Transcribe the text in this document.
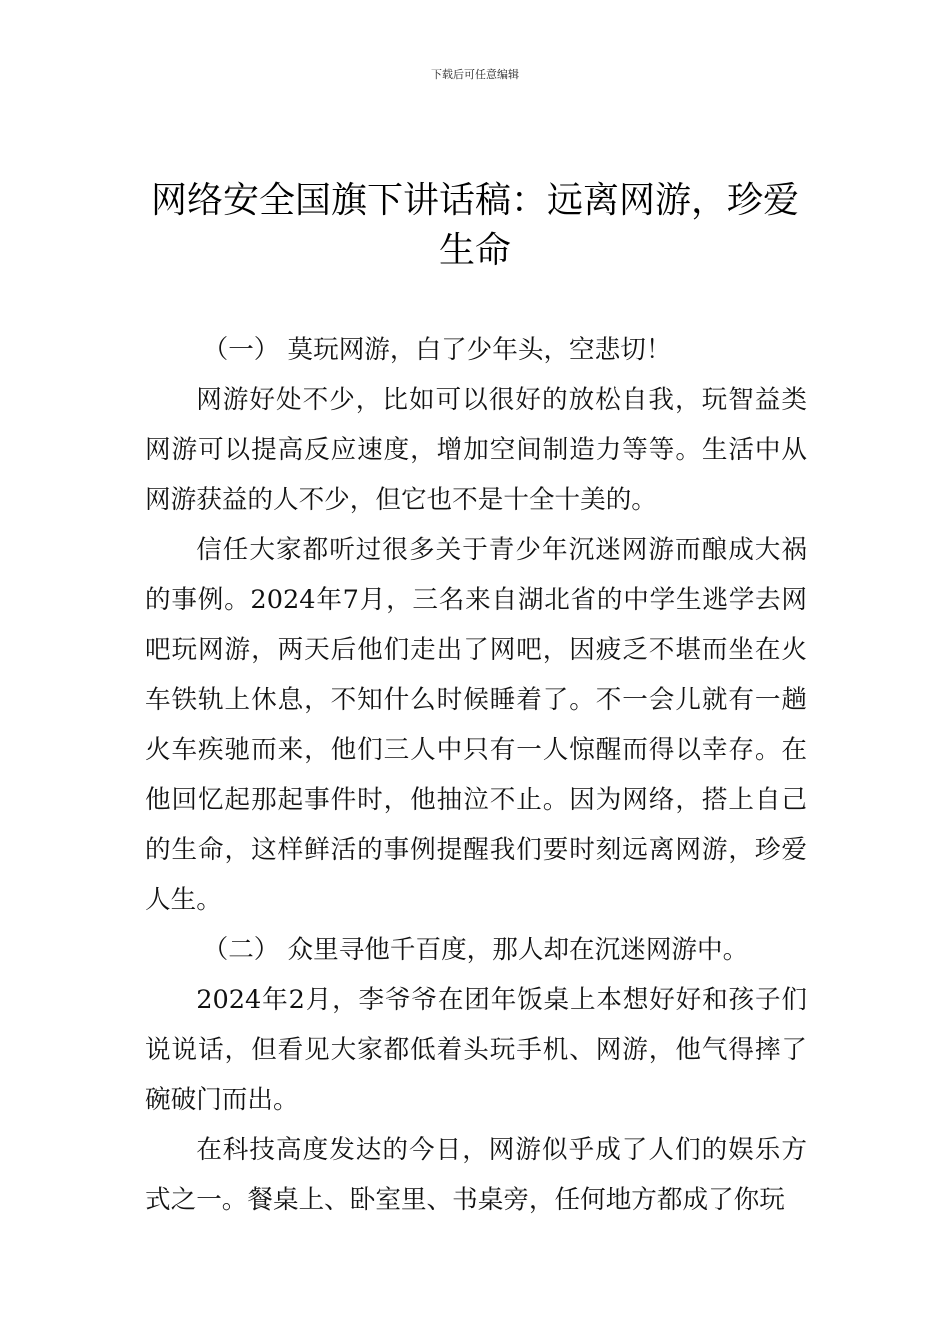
下载后可任意编辑
网络安全国旗下讲话稿：远离网游，珍爱生命

（一） 莫玩网游，白了少年头，空悲切！

网游好处不少，比如可以很好的放松自我，玩智益类网游可以提高反应速度，增加空间制造力等等。生活中从网游获益的人不少，但它也不是十全十美的。

信任大家都听过很多关于青少年沉迷网游而酿成大祸的事例。2024年7月，三名来自湖北省的中学生逃学去网吧玩网游，两天后他们走出了网吧，因疲乏不堪而坐在火车铁轨上休息，不知什么时候睡着了。不一会儿就有一趟火车疾驰而来，他们三人中只有一人惊醒而得以幸存。在他回忆起那起事件时，他抽泣不止。因为网络，搭上自己的生命，这样鲜活的事例提醒我们要时刻远离网游，珍爱人生。

（二） 众里寻他千百度，那人却在沉迷网游中。

2024年2月，李爷爷在团年饭桌上本想好好和孩子们说说话，但看见大家都低着头玩手机、网游，他气得摔了碗破门而出。

在科技高度发达的今日，网游似乎成了人们的娱乐方式之一。餐桌上、卧室里、书桌旁，任何地方都成了你玩
